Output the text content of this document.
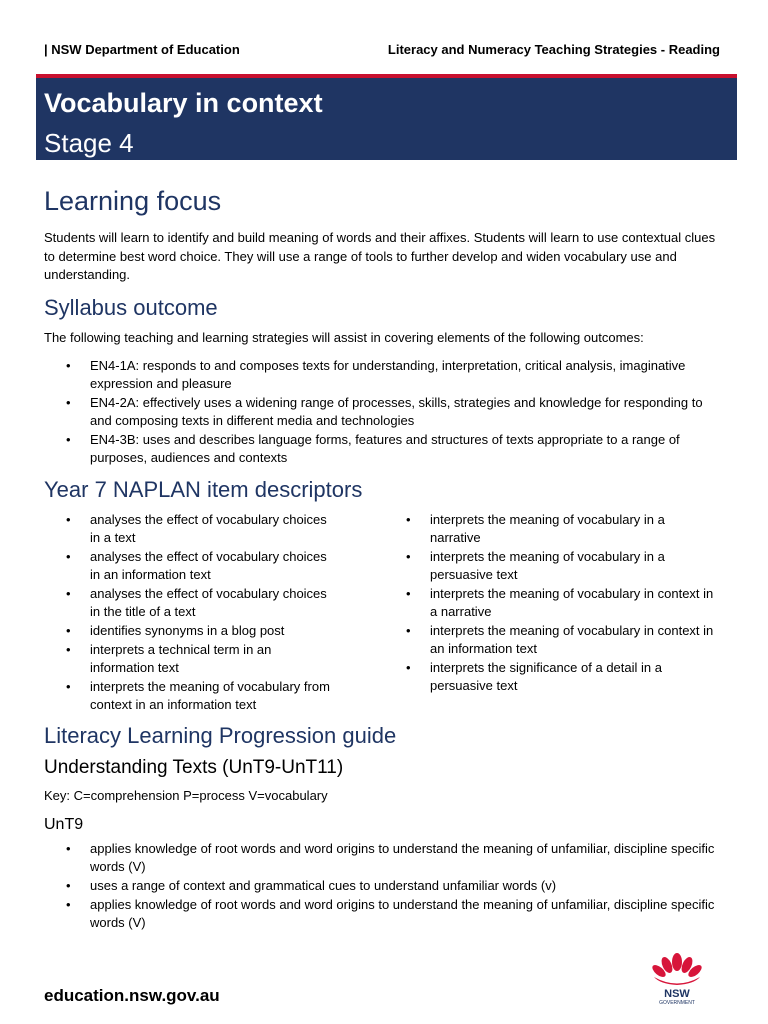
| NSW Department of Education	Literacy and Numeracy Teaching Strategies - Reading
Vocabulary in context
Stage 4
Learning focus

Students will learn to identify and build meaning of words and their affixes. Students will learn to use contextual clues to determine best word choice. They will use a range of tools to further develop and widen vocabulary use and understanding.

Syllabus outcome

The following teaching and learning strategies will assist in covering elements of the following outcomes:

• EN4-1A: responds to and composes texts for understanding, interpretation, critical analysis, imaginative expression and pleasure
• EN4-2A: effectively uses a widening range of processes, skills, strategies and knowledge for responding to and composing texts in different media and technologies
• EN4-3B: uses and describes language forms, features and structures of texts appropriate to a range of purposes, audiences and contexts
Year 7 NAPLAN item descriptors
• analyses the effect of vocabulary choices in a text
• analyses the effect of vocabulary choices in an information text
• analyses the effect of vocabulary choices in the title of a text
• identifies synonyms in a blog post
• interprets a technical term in an information text
• interprets the meaning of vocabulary from context in an information text
• interprets the meaning of vocabulary in a narrative
• interprets the meaning of vocabulary in a persuasive text
• interprets the meaning of vocabulary in context in a narrative
• interprets the meaning of vocabulary in context in an information text
• interprets the significance of a detail in a persuasive text
Literacy Learning Progression guide
Understanding Texts (UnT9-UnT11)

Key: C=comprehension P=process V=vocabulary

UnT9
• applies knowledge of root words and word origins to understand the meaning of unfamiliar, discipline specific words (V)
• uses a range of context and grammatical cues to understand unfamiliar words (v)
• applies knowledge of root words and word origins to understand the meaning of unfamiliar, discipline specific words (V)
education.nsw.gov.au	NSW
GOVERNMENT
